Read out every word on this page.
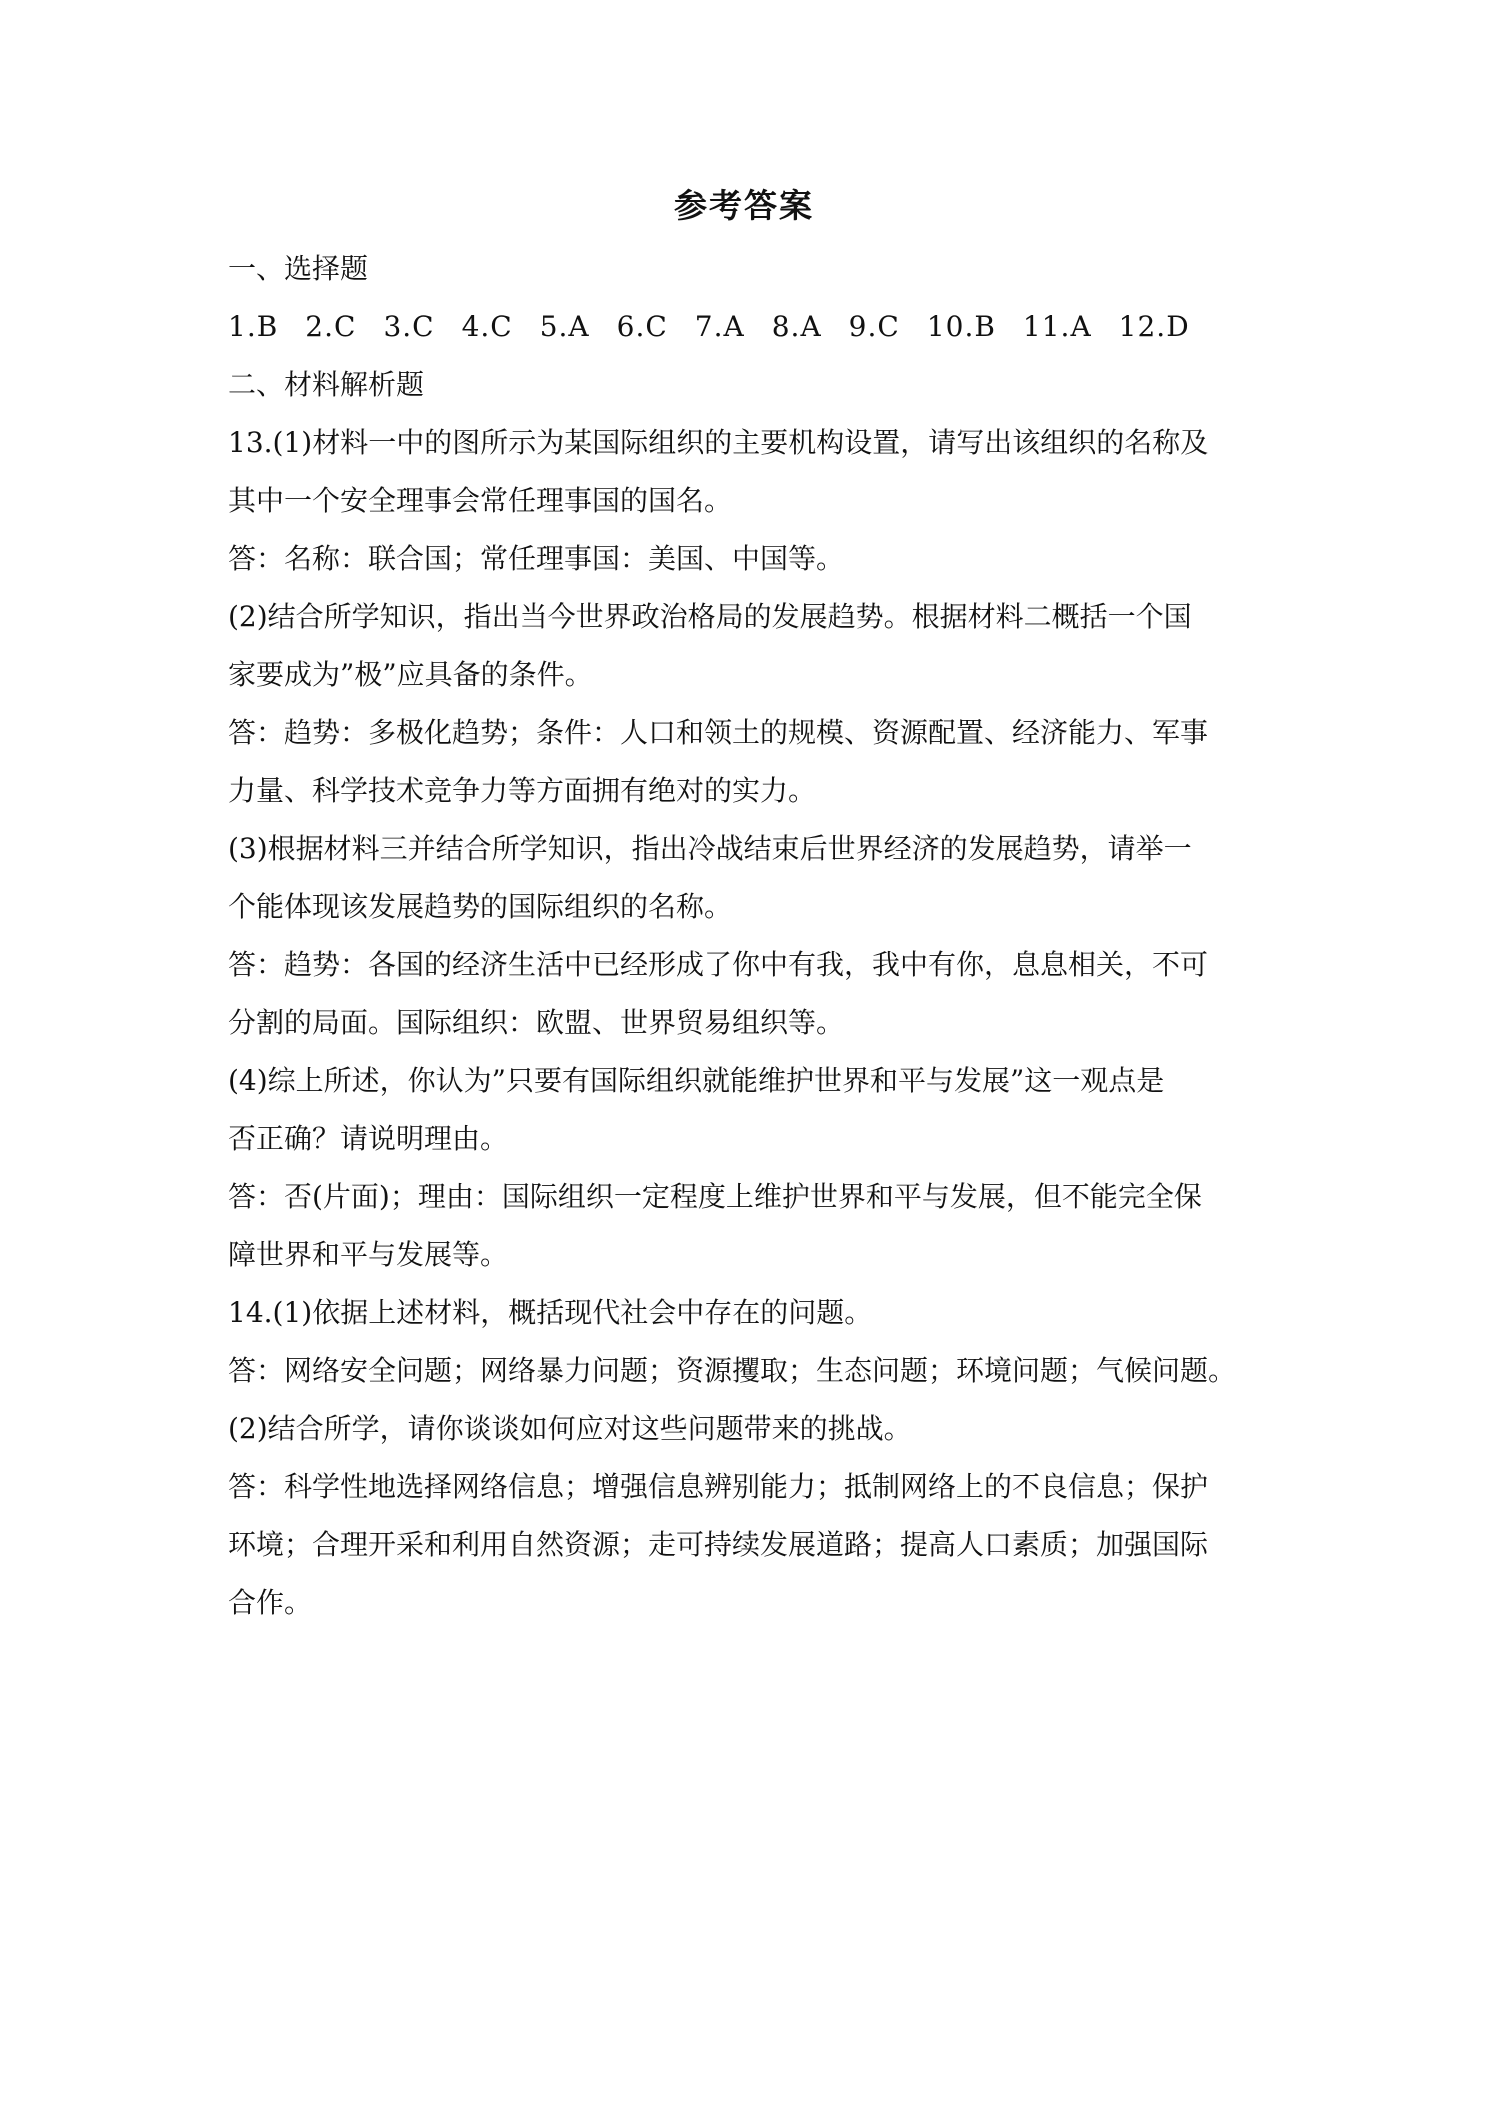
参考答案
一、选择题
1.B 2.C 3.C 4.C 5.A 6.C 7.A 8.A 9.C 10.B 11.A 12.D
二、材料解析题
13.(1)材料一中的图所示为某国际组织的主要机构设置，请写出该组织的名称及
其中一个安全理事会常任理事国的国名。
答：名称：联合国；常任理事国：美国、中国等。
(2)结合所学知识，指出当今世界政治格局的发展趋势。根据材料二概括一个国
家要成为”极”应具备的条件。
答：趋势：多极化趋势；条件：人口和领土的规模、资源配置、经济能力、军事
力量、科学技术竞争力等方面拥有绝对的实力。
(3)根据材料三并结合所学知识，指出冷战结束后世界经济的发展趋势，请举一
个能体现该发展趋势的国际组织的名称。
答：趋势：各国的经济生活中已经形成了你中有我，我中有你，息息相关，不可
分割的局面。国际组织：欧盟、世界贸易组织等。
(4)综上所述，你认为”只要有国际组织就能维护世界和平与发展”这一观点是
否正确？请说明理由。
答：否(片面)；理由：国际组织一定程度上维护世界和平与发展，但不能完全保
障世界和平与发展等。
14.(1)依据上述材料，概括现代社会中存在的问题。
答：网络安全问题；网络暴力问题；资源攫取；生态问题；环境问题；气候问题。
(2)结合所学，请你谈谈如何应对这些问题带来的挑战。
答：科学性地选择网络信息；增强信息辨别能力；抵制网络上的不良信息；保护
环境；合理开采和利用自然资源；走可持续发展道路；提高人口素质；加强国际
合作。
